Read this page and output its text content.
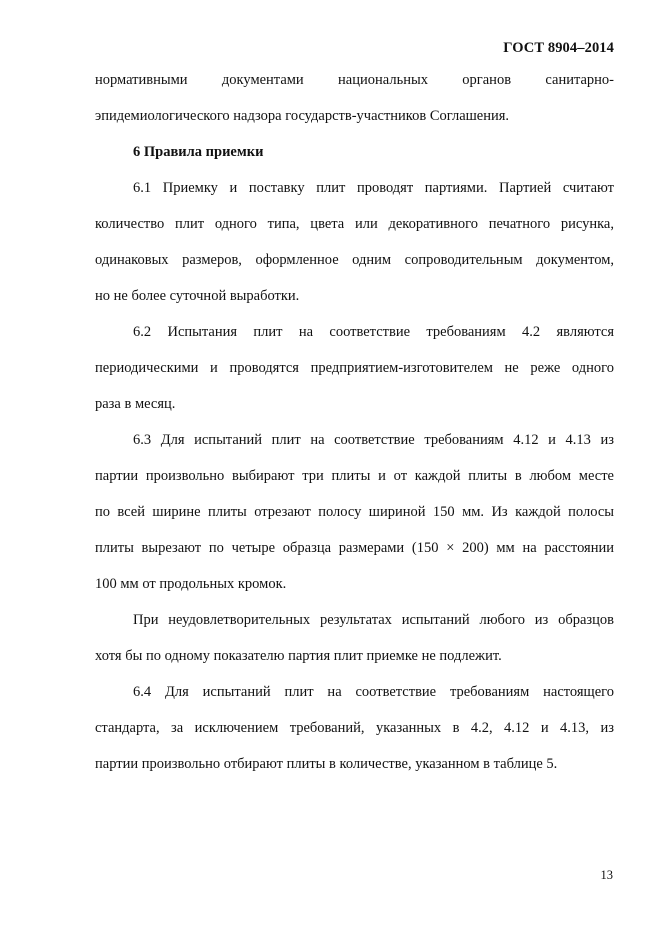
ГОСТ 8904–2014
нормативными документами национальных органов санитарно-
эпидемиологического надзора государств-участников Соглашения.
6 Правила приемки
6.1 Приемку и поставку плит проводят партиями. Партией считают
количество плит одного типа, цвета или декоративного печатного рисунка,
одинаковых размеров, оформленное одним сопроводительным документом,
но не более суточной выработки.
6.2 Испытания плит на соответствие требованиям 4.2 являются
периодическими и проводятся предприятием-изготовителем не реже одного
раза в месяц.
6.3 Для испытаний плит на соответствие требованиям 4.12 и 4.13 из
партии произвольно выбирают три плиты и от каждой плиты в любом месте
по всей ширине плиты отрезают полосу шириной 150 мм. Из каждой полосы
плиты вырезают по четыре образца размерами (150 × 200) мм на расстоянии
100 мм от продольных кромок.
При неудовлетворительных результатах испытаний любого из образцов
хотя бы по одному показателю партия плит приемке не подлежит.
6.4 Для испытаний плит на соответствие требованиям настоящего
стандарта, за исключением требований, указанных в 4.2, 4.12 и 4.13, из
партии произвольно отбирают плиты в количестве, указанном в таблице 5.
13
